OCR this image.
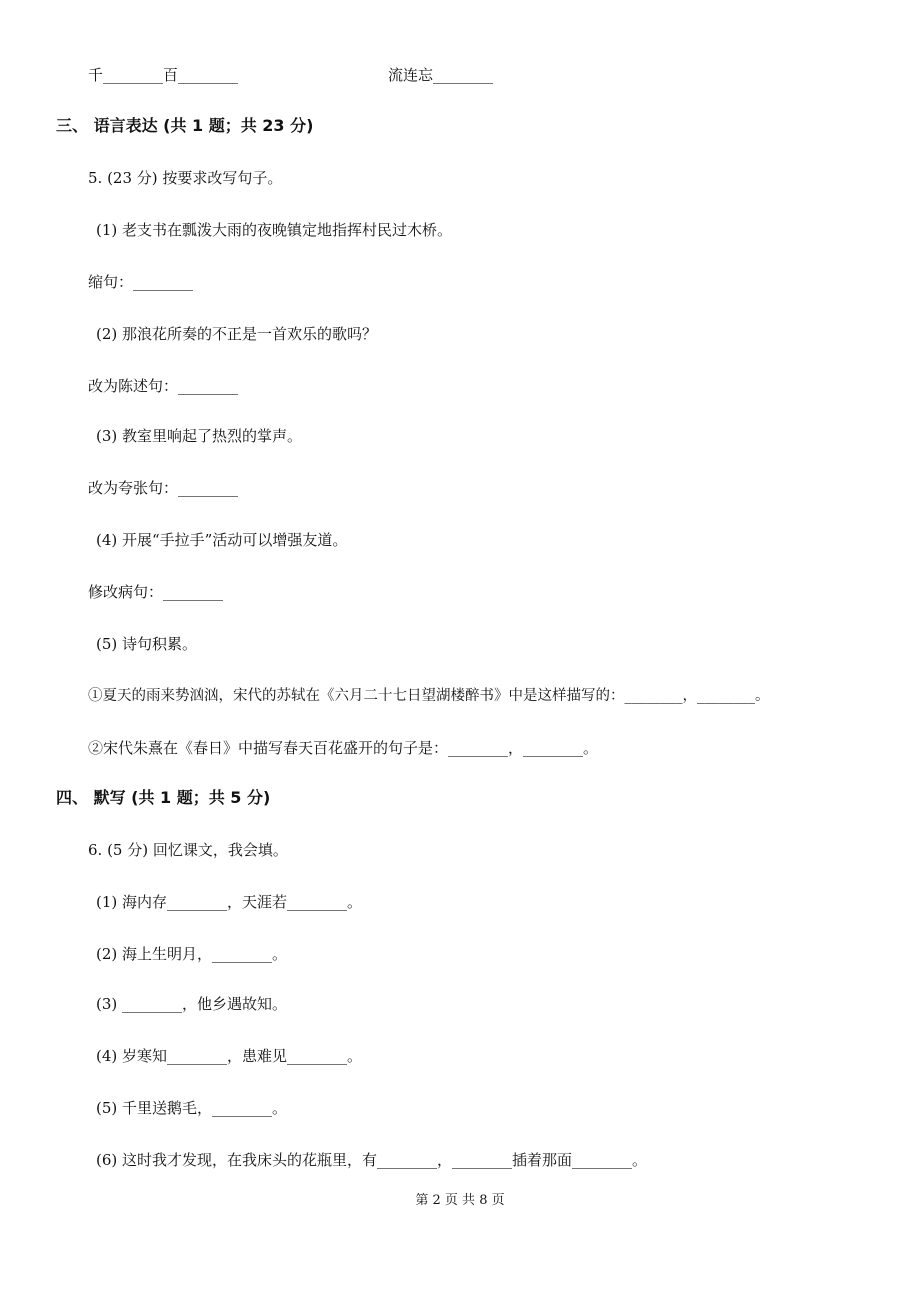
千________百________	流连忘________
三、 语言表达 (共 1 题；共 23 分)
5. (23 分) 按要求改写句子。
(1) 老支书在瓢泼大雨的夜晚镇定地指挥村民过木桥。
缩句：________
(2) 那浪花所奏的不正是一首欢乐的歌吗？
改为陈述句：________
(3) 教室里响起了热烈的掌声。
改为夸张句：________
(4) 开展“手拉手”活动可以增强友道。
修改病句：________
(5) 诗句积累。
①夏天的雨来势汹汹，宋代的苏轼在《六月二十七日望湖楼醉书》中是这样描写的：________，________。
②宋代朱熹在《春日》中描写春天百花盛开的句子是：________，________。
四、 默写 (共 1 题；共 5 分)
6. (5 分) 回忆课文，我会填。
(1) 海内存________，天涯若________。
(2) 海上生明月，________。
(3) ________，他乡遇故知。
(4) 岁寒知________，患难见________。
(5) 千里送鹅毛，________。
(6) 这时我才发现，在我床头的花瓶里，有________，________插着那面________。
第 2 页 共 8 页
